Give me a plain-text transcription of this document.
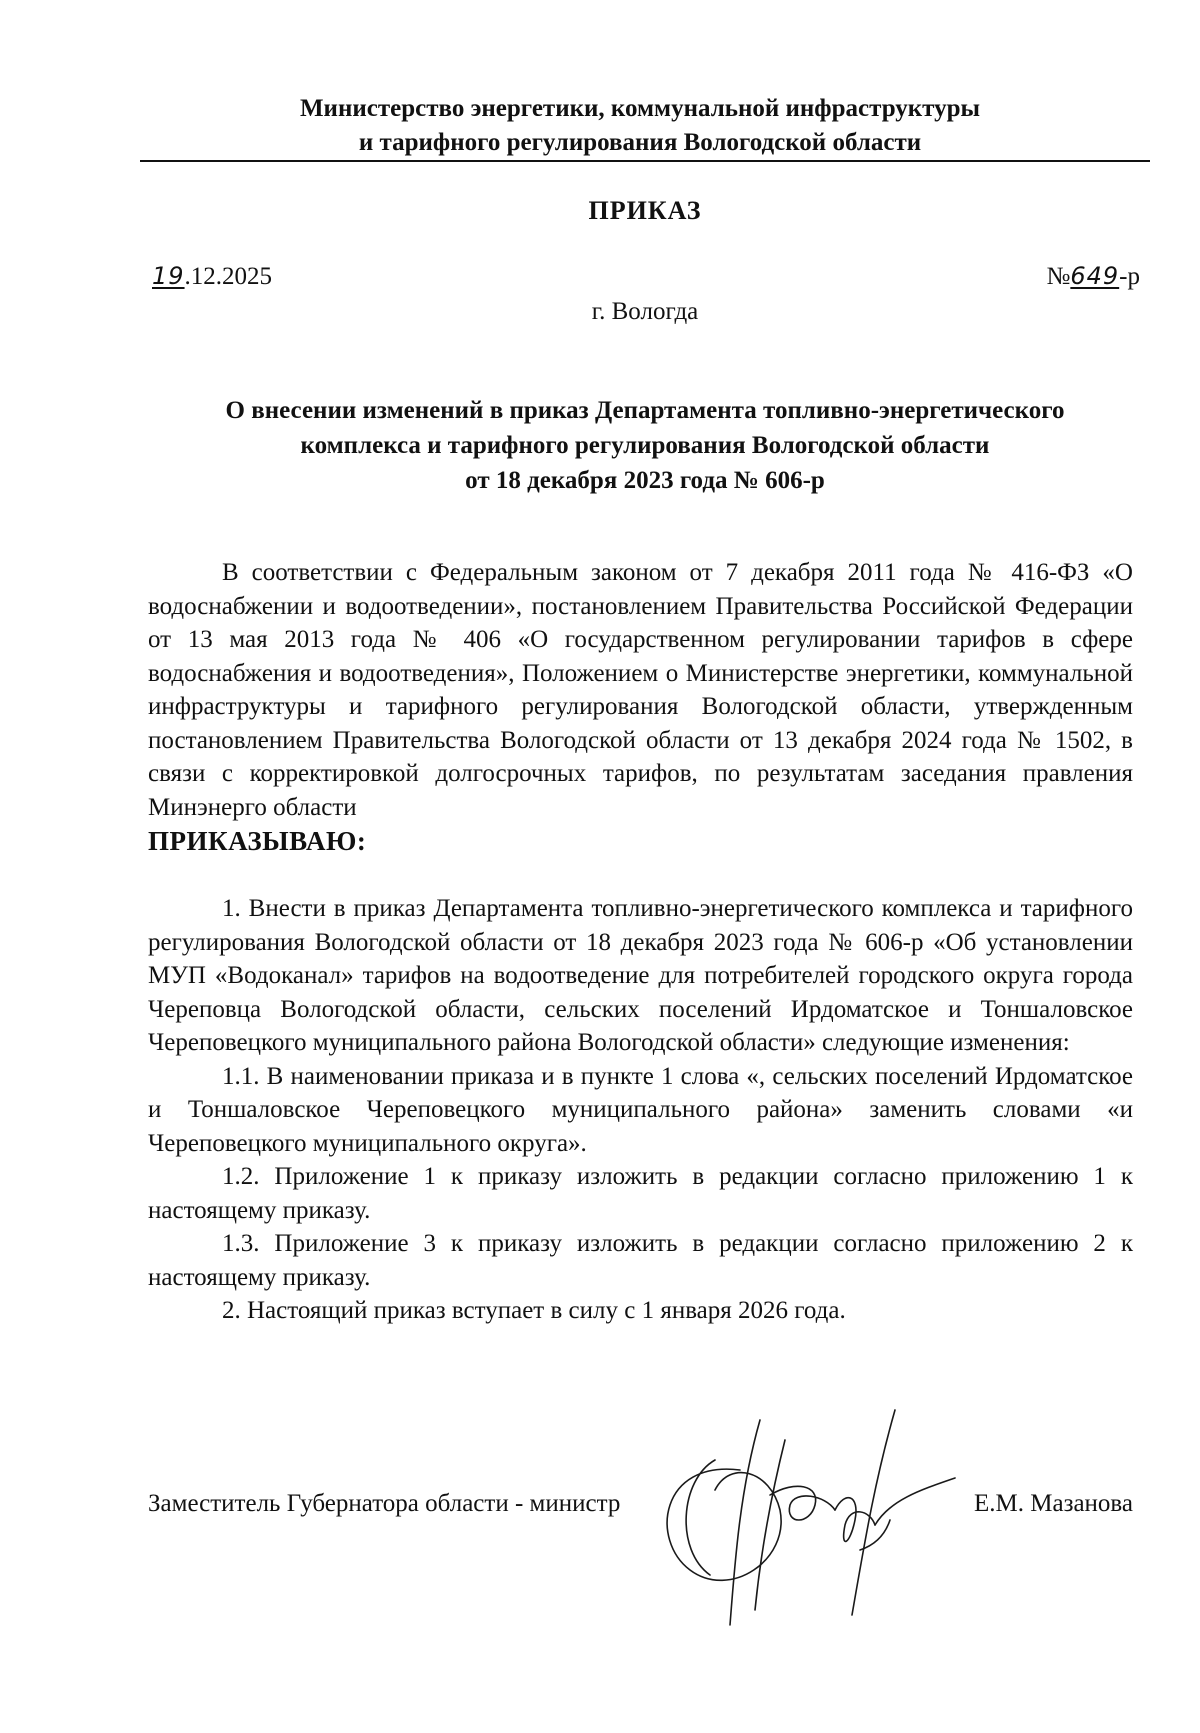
Министерство энергетики, коммунальной инфраструктуры
и тарифного регулирования Вологодской области
ПРИКАЗ
19.12.2025	№649-р
г. Вологда
О внесении изменений в приказ Департамента топливно-энергетического
комплекса и тарифного регулирования Вологодской области
от 18 декабря 2023 года № 606-р

В соответствии с Федеральным законом от 7 декабря 2011 года № 416-ФЗ «О водоснабжении и водоотведении», постановлением Правительства Российской Федерации от 13 мая 2013 года № 406 «О государственном регулировании тарифов в сфере водоснабжения и водоотведения», Положением о Министерстве энергетики, коммунальной инфраструктуры и тарифного регулирования Вологодской области, утвержденным постановлением Правительства Вологодской области от 13 декабря 2024 года № 1502, в связи с корректировкой долгосрочных тарифов, по результатам заседания правления Минэнерго области

ПРИКАЗЫВАЮ:

1. Внести в приказ Департамента топливно-энергетического комплекса и тарифного регулирования Вологодской области от 18 декабря 2023 года № 606-р «Об установлении МУП «Водоканал» тарифов на водоотведение для потребителей городского округа города Череповца Вологодской области, сельских поселений Ирдоматское и Тоншаловское Череповецкого муниципального района Вологодской области» следующие изменения:

1.1. В наименовании приказа и в пункте 1 слова «, сельских поселений Ирдоматское и Тоншаловское Череповецкого муниципального района» заменить словами «и Череповецкого муниципального округа».

1.2. Приложение 1 к приказу изложить в редакции согласно приложению 1 к настоящему приказу.

1.3. Приложение 3 к приказу изложить в редакции согласно приложению 2 к настоящему приказу.

2. Настоящий приказ вступает в силу с 1 января 2026 года.

Заместитель Губернатора области - министр	Е.М. Мазанова
